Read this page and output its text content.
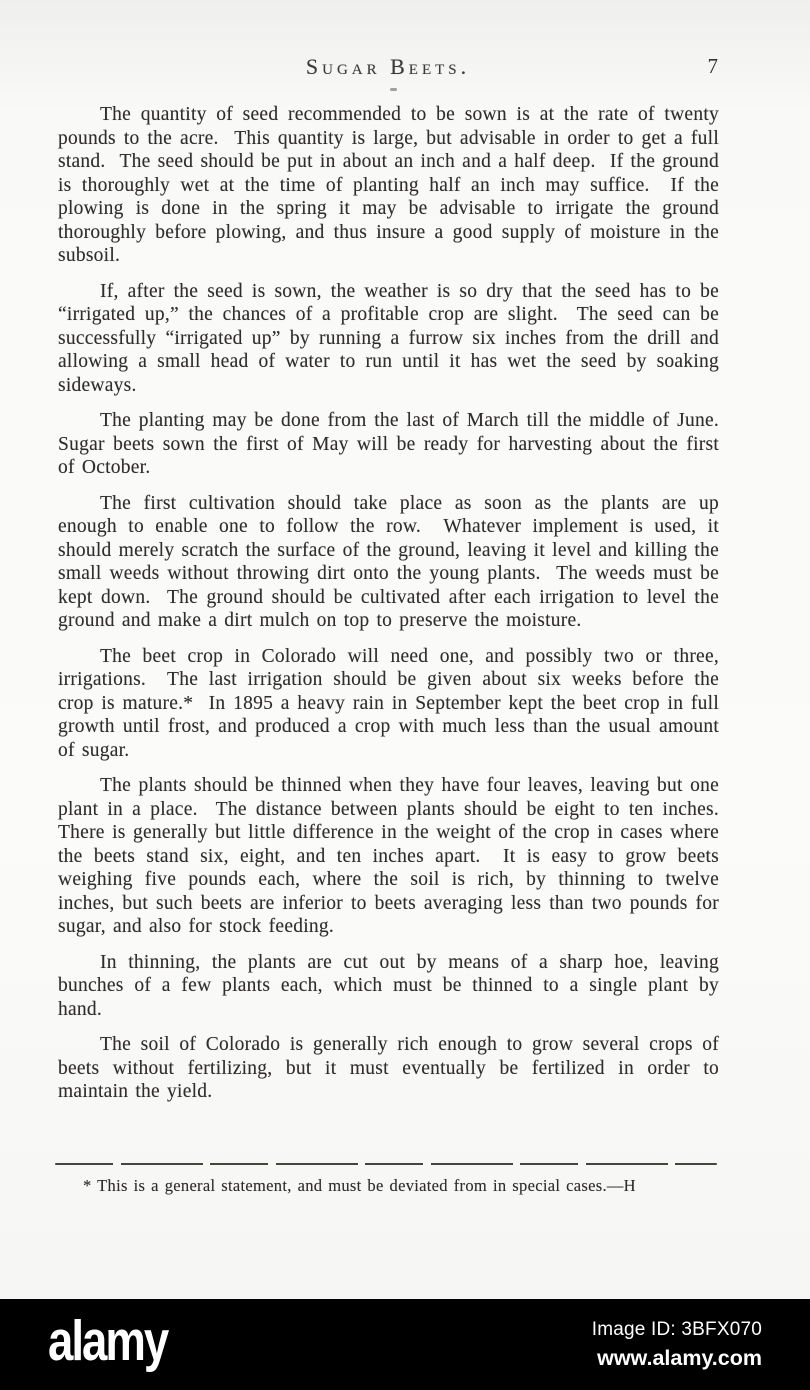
Sugar Beets.	7

The quantity of seed recommended to be sown is at the rate of twenty pounds to the acre.  This quantity is large, but advisable in order to get a full stand.  The seed should be put in about an inch and a half deep.  If the ground is thoroughly wet at the time of planting half an inch may suffice.  If the plowing is done in the spring it may be advisable to irrigate the ground thoroughly before plowing, and thus insure a good supply of moisture in the subsoil.

If, after the seed is sown, the weather is so dry that the seed has to be “irrigated up,” the chances of a profitable crop are slight.  The seed can be successfully “irrigated up” by running a furrow six inches from the drill and allowing a small head of water to run until it has wet the seed by soaking sideways.

The planting may be done from the last of March till the middle of June.  Sugar beets sown the first of May will be ready for harvesting about the first of October.

The first cultivation should take place as soon as the plants are up enough to enable one to follow the row.  Whatever implement is used, it should merely scratch the surface of the ground, leaving it level and killing the small weeds without throwing dirt onto the young plants.  The weeds must be kept down.  The ground should be cultivated after each irrigation to level the ground and make a dirt mulch on top to preserve the moisture.

The beet crop in Colorado will need one, and possibly two or three, irrigations.  The last irrigation should be given about six weeks before the crop is mature.*  In 1895 a heavy rain in September kept the beet crop in full growth until frost, and produced a crop with much less than the usual amount of sugar.

The plants should be thinned when they have four leaves, leaving but one plant in a place.  The distance between plants should be eight to ten inches.  There is generally but little difference in the weight of the crop in cases where the beets stand six, eight, and ten inches apart.  It is easy to grow beets weighing five pounds each, where the soil is rich, by thinning to twelve inches, but such beets are inferior to beets averaging less than two pounds for sugar, and also for stock feeding.

In thinning, the plants are cut out by means of a sharp hoe, leaving bunches of a few plants each, which must be thinned to a single plant by hand.

The soil of Colorado is generally rich enough to grow several crops of beets without fertilizing, but it must eventually be fertilized in order to maintain the yield.

* This is a general statement, and must be deviated from in special cases.—H

alamy	Image ID: 3BFX070
www.alamy.com
